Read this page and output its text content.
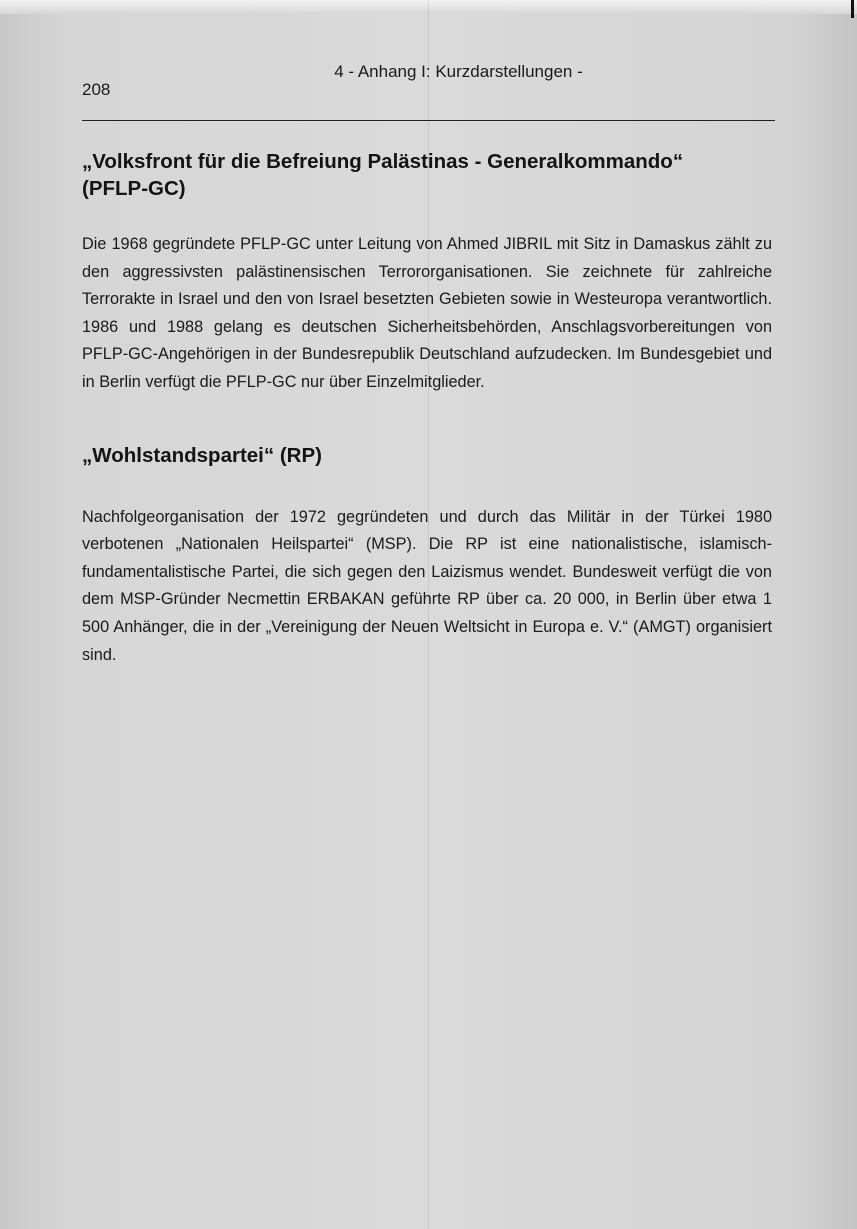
4 - Anhang I: Kurzdarstellungen -
208
„Volksfront für die Befreiung Palästinas - Generalkommando“
(PFLP-GC)

Die 1968 gegründete PFLP-GC unter Leitung von Ahmed JIBRIL mit Sitz in Damaskus zählt zu den aggressivsten palästinensischen Terrororganisationen. Sie zeichnete für zahlreiche Terrorakte in Israel und den von Israel besetzten Gebieten sowie in Westeuropa verantwortlich. 1986 und 1988 gelang es deutschen Sicherheitsbehörden, Anschlagsvorbereitungen von PFLP-GC-Angehörigen in der Bundesrepublik Deutschland aufzudecken. Im Bundesgebiet und in Berlin verfügt die PFLP-GC nur über Einzelmitglieder.

„Wohlstandspartei“ (RP)

Nachfolgeorganisation der 1972 gegründeten und durch das Militär in der Türkei 1980 verbotenen „Nationalen Heilspartei“ (MSP). Die RP ist eine nationalistische, islamisch-fundamentalistische Partei, die sich gegen den Laizismus wendet. Bundesweit verfügt die von dem MSP-Gründer Necmettin ERBAKAN geführte RP über ca. 20 000, in Berlin über etwa 1 500 Anhänger, die in der „Vereinigung der Neuen Weltsicht in Europa e. V.“ (AMGT) organisiert sind.
